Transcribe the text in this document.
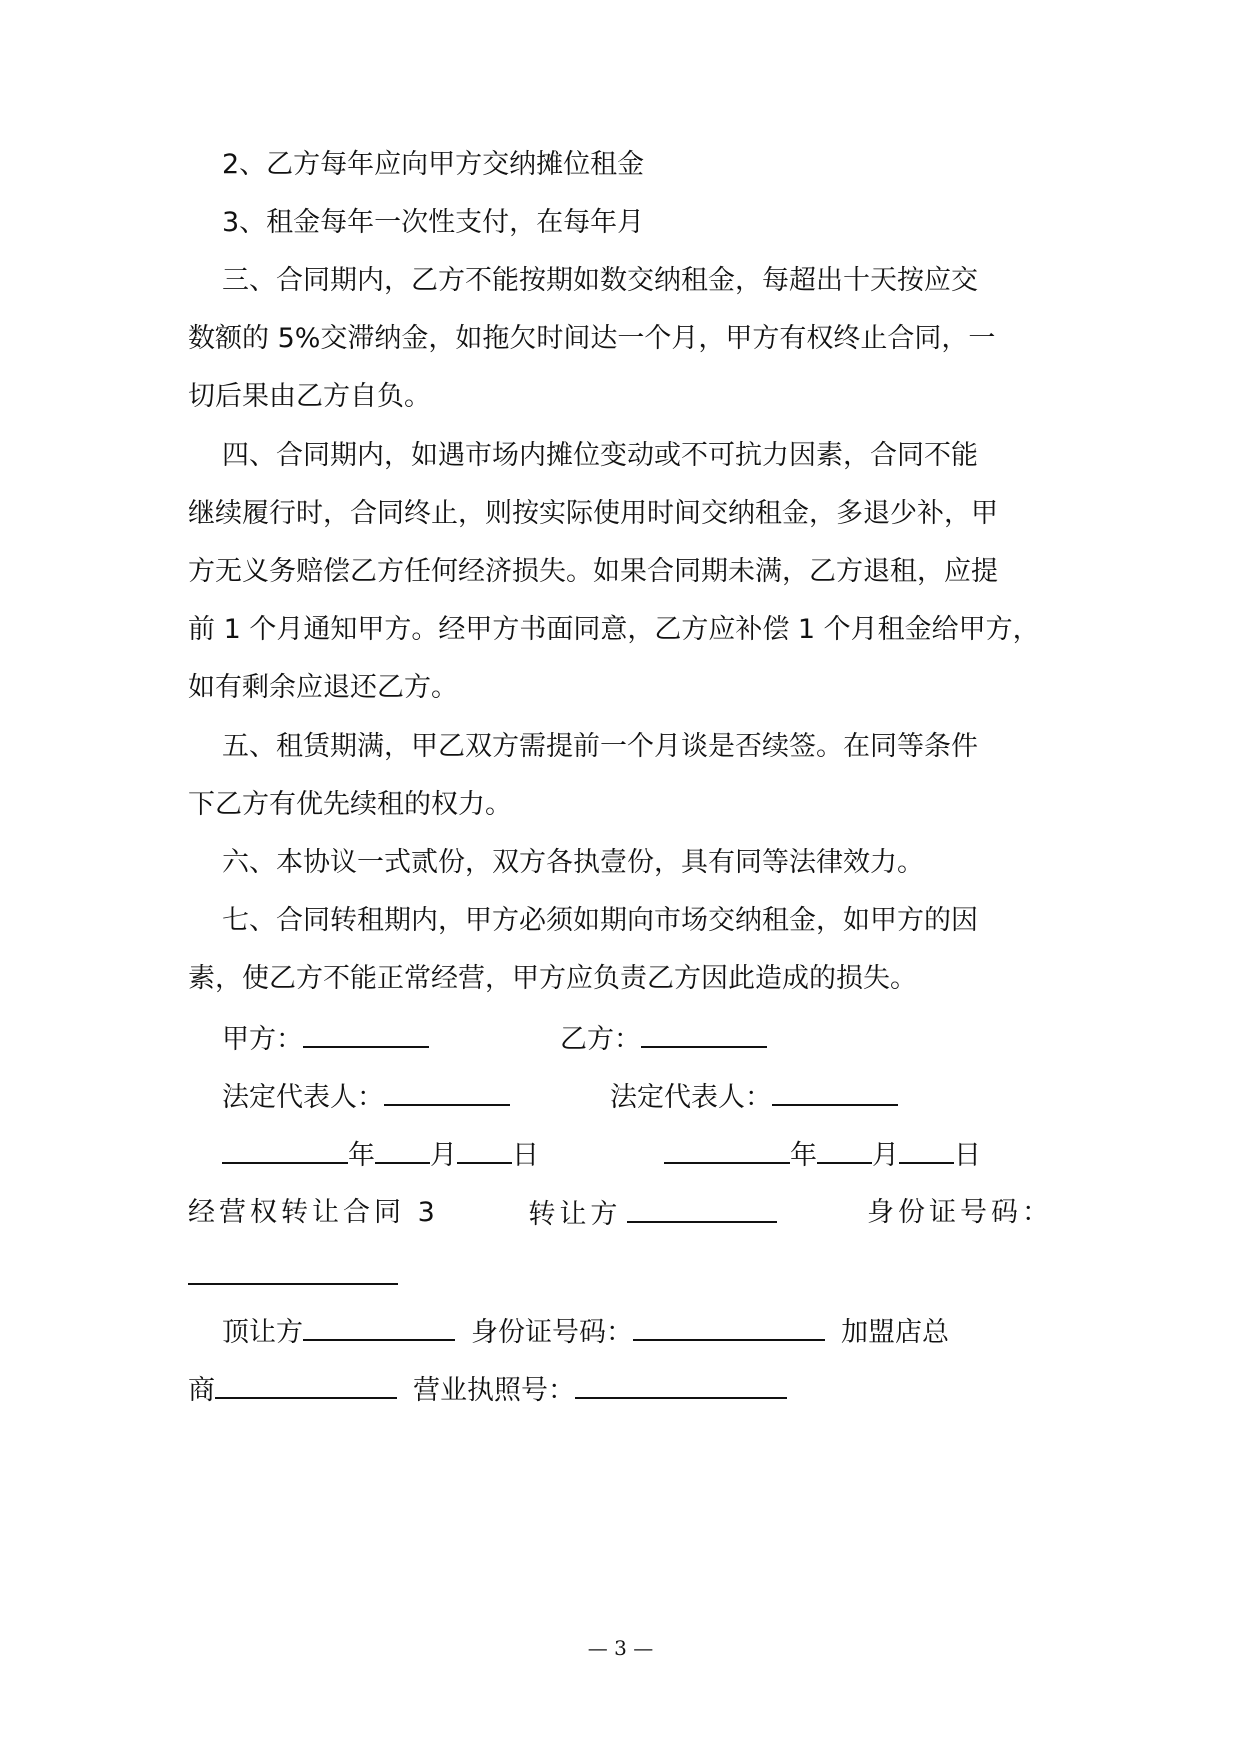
2、乙方每年应向甲方交纳摊位租金
3、租金每年一次性支付，在每年月
三、合同期内，乙方不能按期如数交纳租金，每超出十天按应交
数额的 5%交滞纳金，如拖欠时间达一个月，甲方有权终止合同，一
切后果由乙方自负。
四、合同期内，如遇市场内摊位变动或不可抗力因素，合同不能
继续履行时，合同终止，则按实际使用时间交纳租金，多退少补，甲
方无义务赔偿乙方任何经济损失。如果合同期未满，乙方退租，应提
前 1 个月通知甲方。经甲方书面同意，乙方应补偿 1 个月租金给甲方，
如有剩余应退还乙方。
五、租赁期满，甲乙双方需提前一个月谈是否续签。在同等条件
下乙方有优先续租的权力。
六、本协议一式贰份，双方各执壹份，具有同等法律效力。
七、合同转租期内，甲方必须如期向市场交纳租金，如甲方的因
素，使乙方不能正常经营，甲方应负责乙方因此造成的损失。
甲方：	乙方：
法定代表人：	法定代表人：
年 月 日	年 月 日
经营权转让合同 3	转让方	身份证号码：
顶让方	身份证号码：	加盟店总
商	营业执照号：
— 3 —
